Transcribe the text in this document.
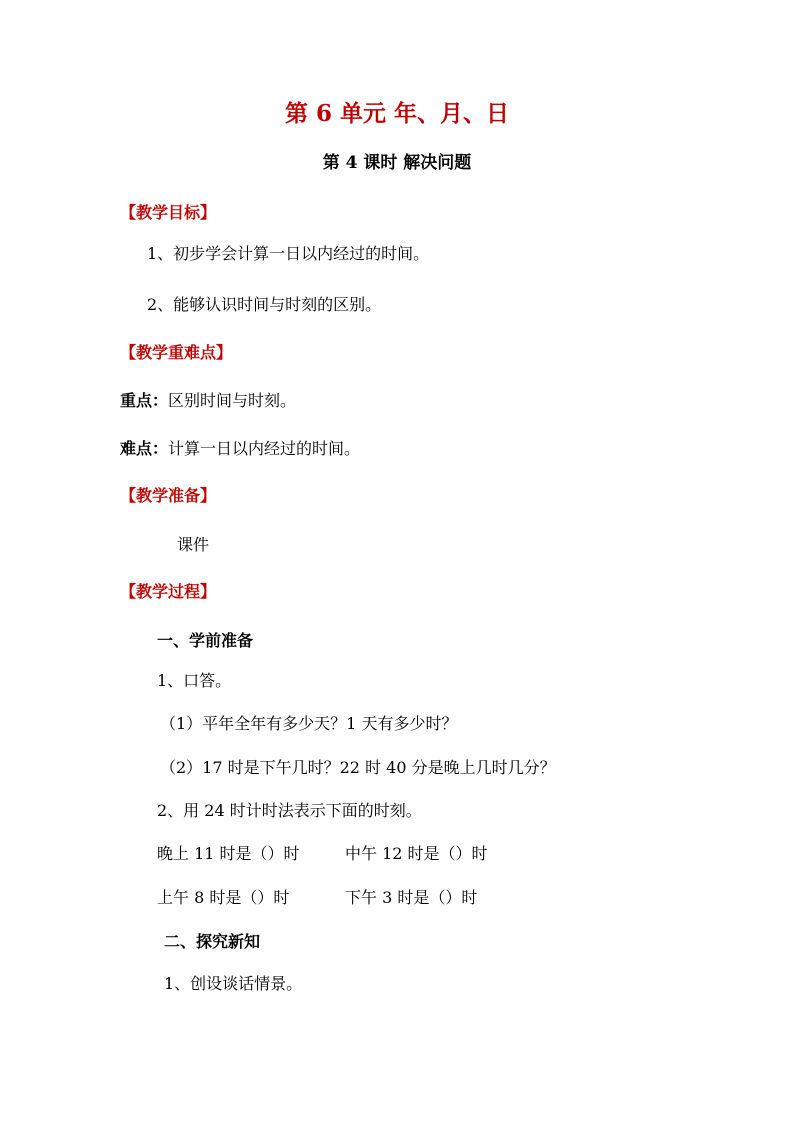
第 6 单元 年、月、日
第 4 课时 解决问题
【教学目标】
1、初步学会计算一日以内经过的时间。
2、能够认识时间与时刻的区别。
【教学重难点】
重点：区别时间与时刻。
难点：计算一日以内经过的时间。
【教学准备】
课件
【教学过程】
一、学前准备
1、口答。
（1）平年全年有多少天？1 天有多少时？
（2）17 时是下午几时？22 时 40 分是晚上几时几分？
2、用 24 时计时法表示下面的时刻。
晚上 11 时是（）时	中午 12 时是（）时
上午 8 时是（）时	下午 3 时是（）时
二、探究新知
1、创设谈话情景。
